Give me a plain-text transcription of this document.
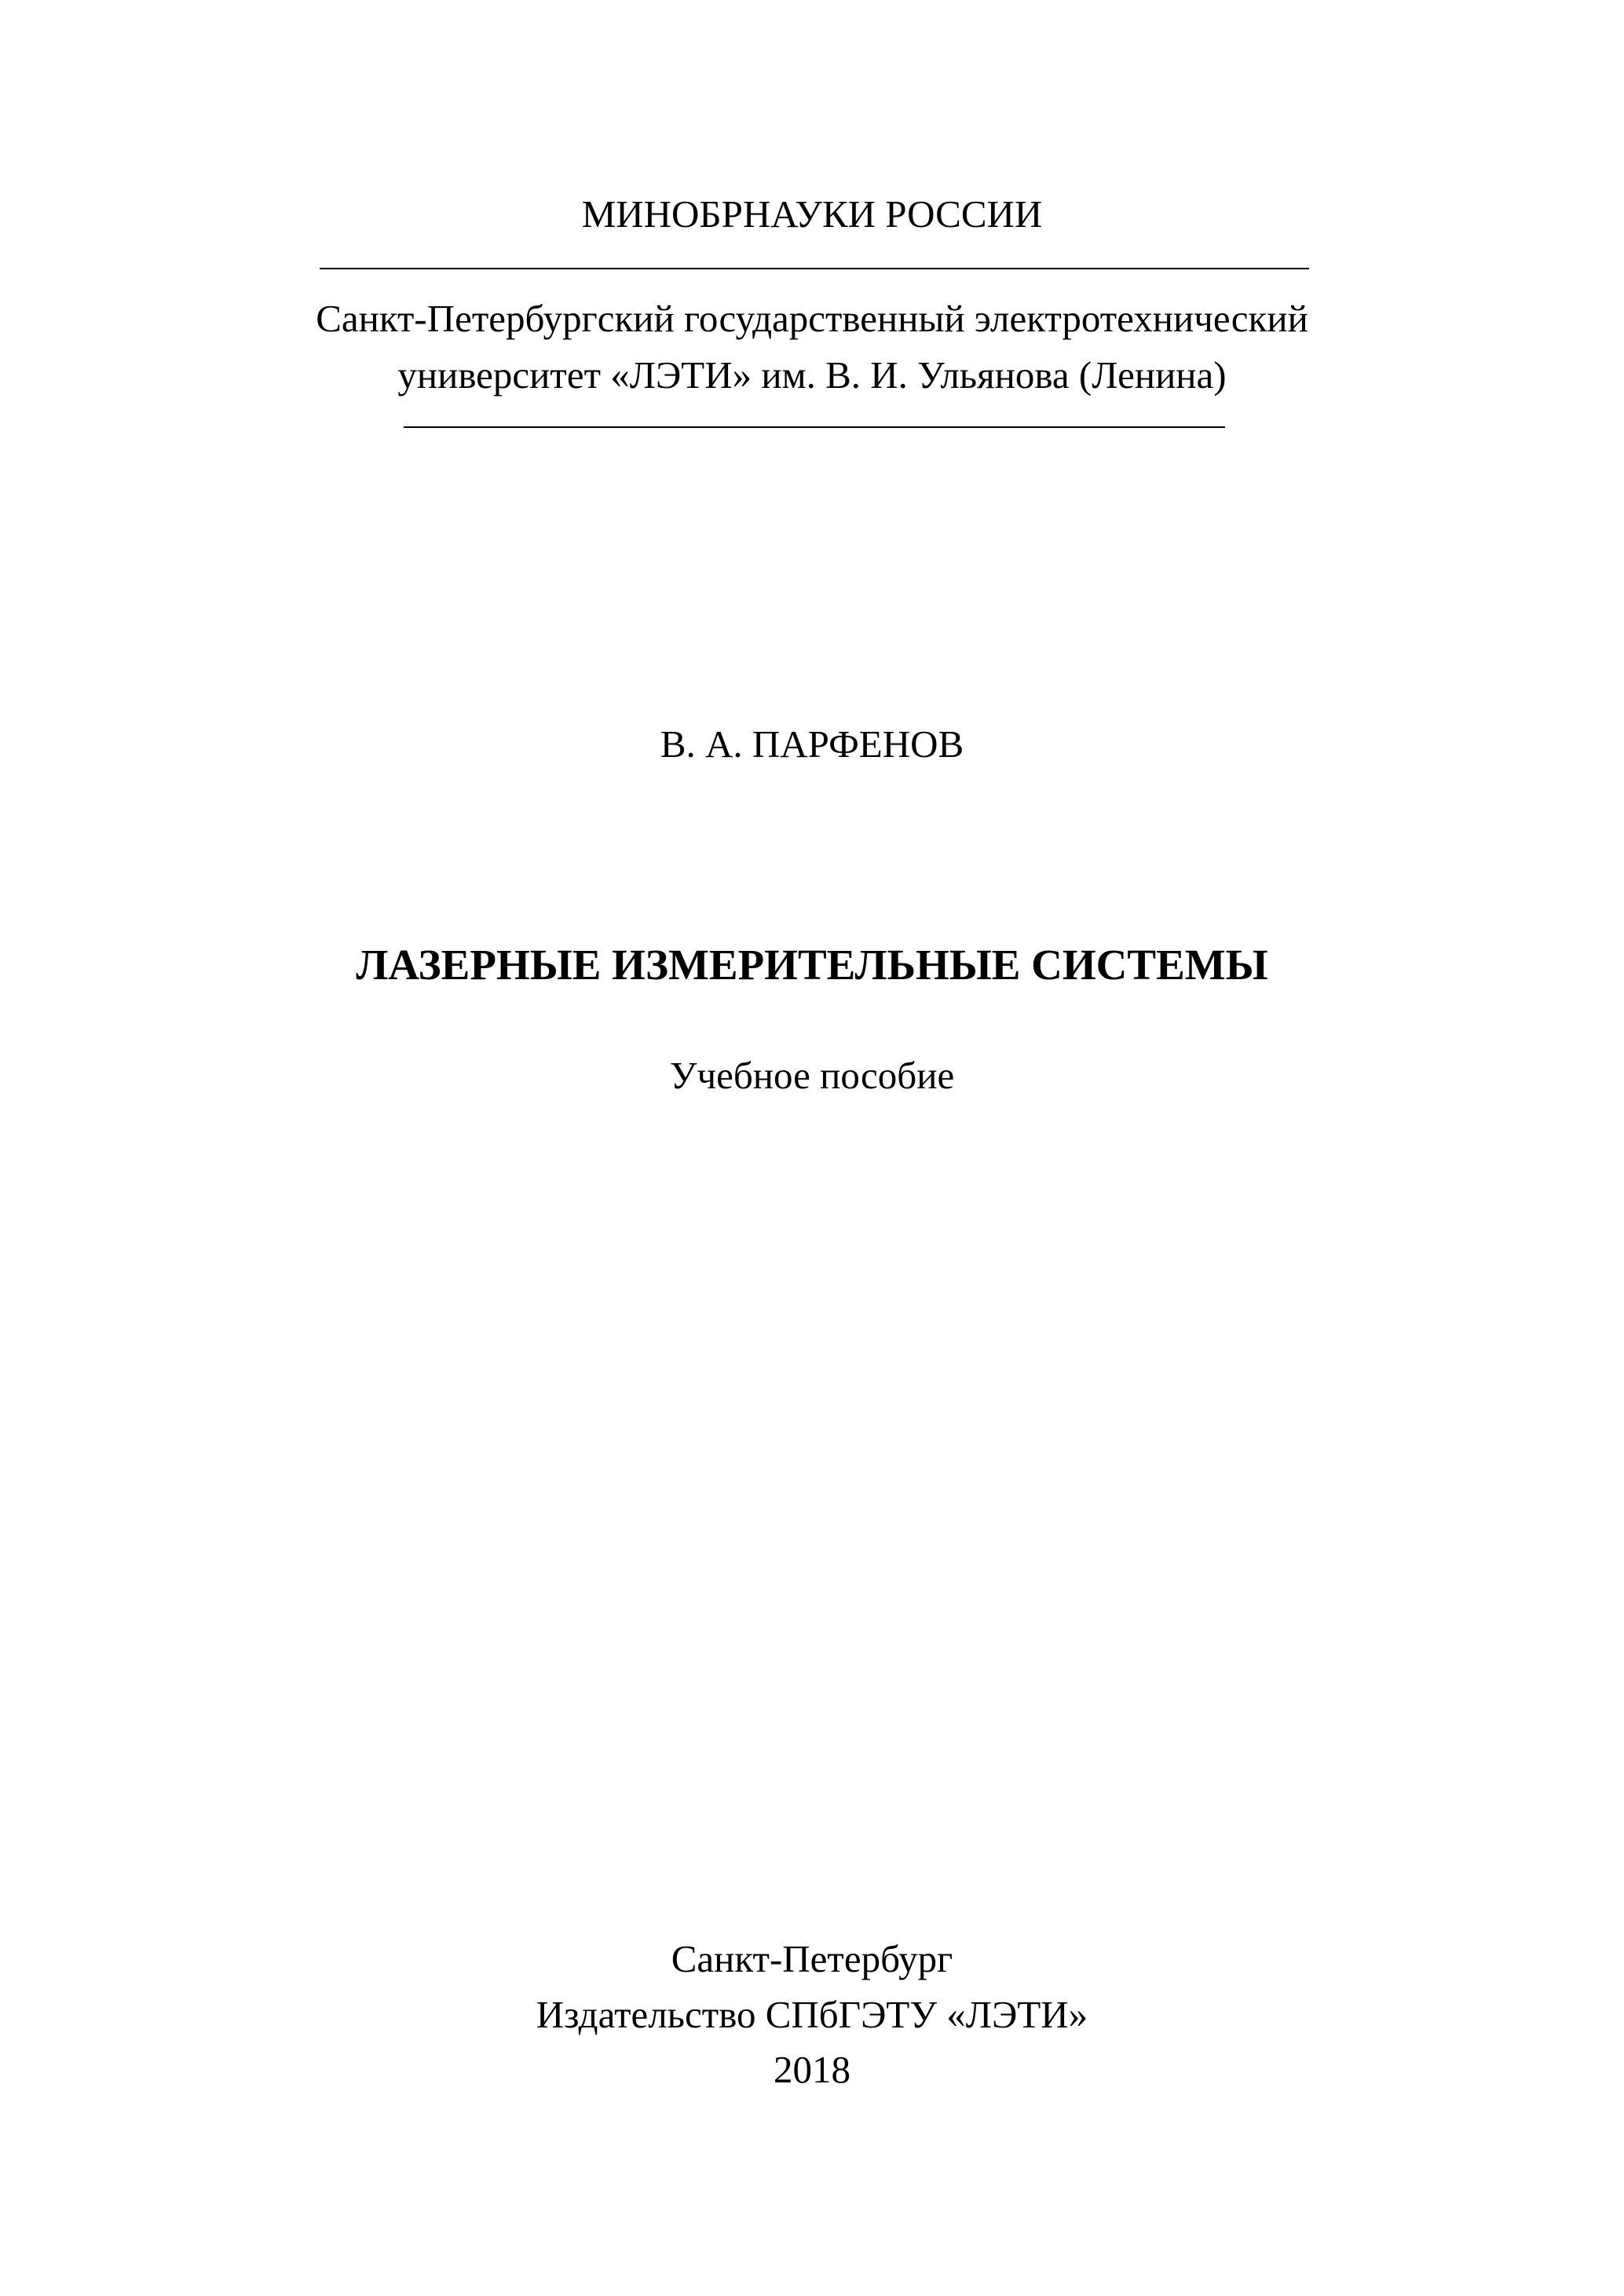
МИНОБРНАУКИ РОССИИ
Санкт-Петербургский государственный электротехнический
университет «ЛЭТИ» им. В. И. Ульянова (Ленина)
В. А. ПАРФЕНОВ
ЛАЗЕРНЫЕ ИЗМЕРИТЕЛЬНЫЕ СИСТЕМЫ
Учебное пособие
Санкт-Петербург
Издательство СПбГЭТУ «ЛЭТИ»
2018
